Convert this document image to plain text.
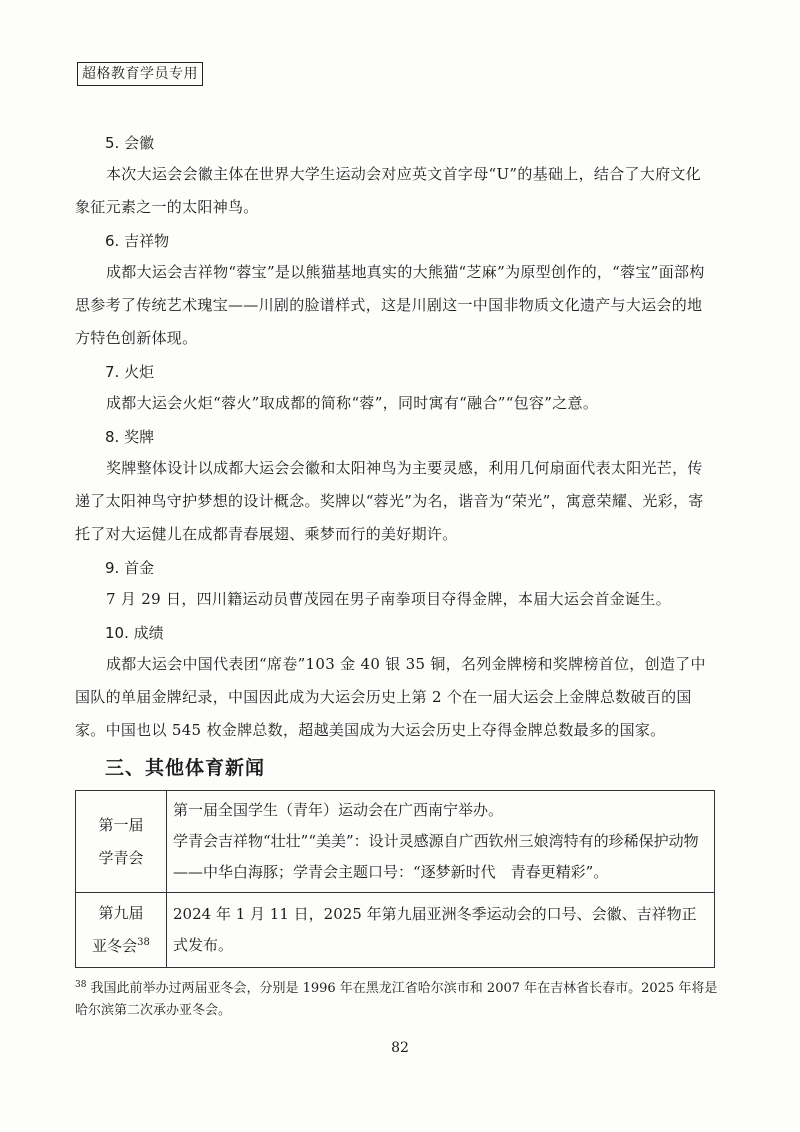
超格教育学员专用
5. 会徽
本次大运会会徽主体在世界大学生运动会对应英文首字母“U”的基础上，结合了大府文化象征元素之一的太阳神鸟。
6. 吉祥物
成都大运会吉祥物“蓉宝”是以熊猫基地真实的大熊猫“芝麻”为原型创作的，“蓉宝”面部构思参考了传统艺术瑰宝——川剧的脸谱样式，这是川剧这一中国非物质文化遗产与大运会的地方特色创新体现。
7. 火炬
成都大运会火炬“蓉火”取成都的简称“蓉”，同时寓有“融合”“包容”之意。
8. 奖牌
奖牌整体设计以成都大运会会徽和太阳神鸟为主要灵感，利用几何扇面代表太阳光芒，传递了太阳神鸟守护梦想的设计概念。奖牌以“蓉光”为名，谐音为“荣光”，寓意荣耀、光彩，寄托了对大运健儿在成都青春展翅、乘梦而行的美好期许。
9. 首金
7 月 29 日，四川籍运动员曹茂园在男子南拳项目夺得金牌，本届大运会首金诞生。
10. 成绩
成都大运会中国代表团“席卷”103 金 40 银 35 铜，名列金牌榜和奖牌榜首位，创造了中国队的单届金牌纪录，中国因此成为大运会历史上第 2 个在一届大运会上金牌总数破百的国家。中国也以 545 枚金牌总数，超越美国成为大运会历史上夺得金牌总数最多的国家。
三、其他体育新闻
第一届
学青会	第一届全国学生（青年）运动会在广西南宁举办。
学青会吉祥物“壮壮”“美美”：设计灵感源自广西钦州三娘湾特有的珍稀保护动物——中华白海豚；学青会主题口号：“逐梦新时代　青春更精彩”。

第九届
亚冬会$^{38}$	2024 年 1 月 11 日，2025 年第九届亚洲冬季运动会的口号、会徽、吉祥物正式发布。
$^{38}$ 我国此前举办过两届亚冬会，分别是 1996 年在黑龙江省哈尔滨市和 2007 年在吉林省长春市。2025 年将是哈尔滨第二次承办亚冬会。
82
